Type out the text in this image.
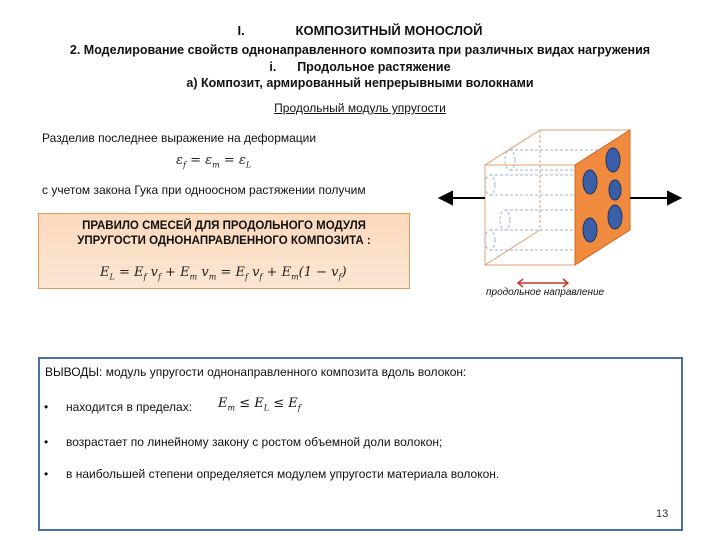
I.	КОМПОЗИТНЫЙ МОНОСЛОЙ
2. Моделирование свойств однонаправленного композита при различных видах нагружения
i.      Продольное растяжение
а) Композит, армированный непрерывными волокнами
Продольный модуль упругости
Разделив последнее выражение на деформации
$\varepsilon_f = \varepsilon_m = \varepsilon_L$
с учетом закона Гука при одноосном растяжении получим
ПРАВИЛО СМЕСЕЙ ДЛЯ ПРОДОЛЬНОГО МОДУЛЯ
УПРУГОСТИ ОДНОНАПРАВЛЕННОГО КОМПОЗИТА :
$E_L = E_f$ $v_f + E_m$ $v_m = E_f$ $v_f + E_m(1 - v_f)$
продольное направление
ВЫВОДЫ: модуль упругости однонаправленного композита вдоль волокон:
• находится в пределах: $E_m \le E_L \le E_f$
• возрастает по линейному закону с ростом объемной доли волокон;
• в наибольшей степени определяется модулем упругости материала волокон.
13
